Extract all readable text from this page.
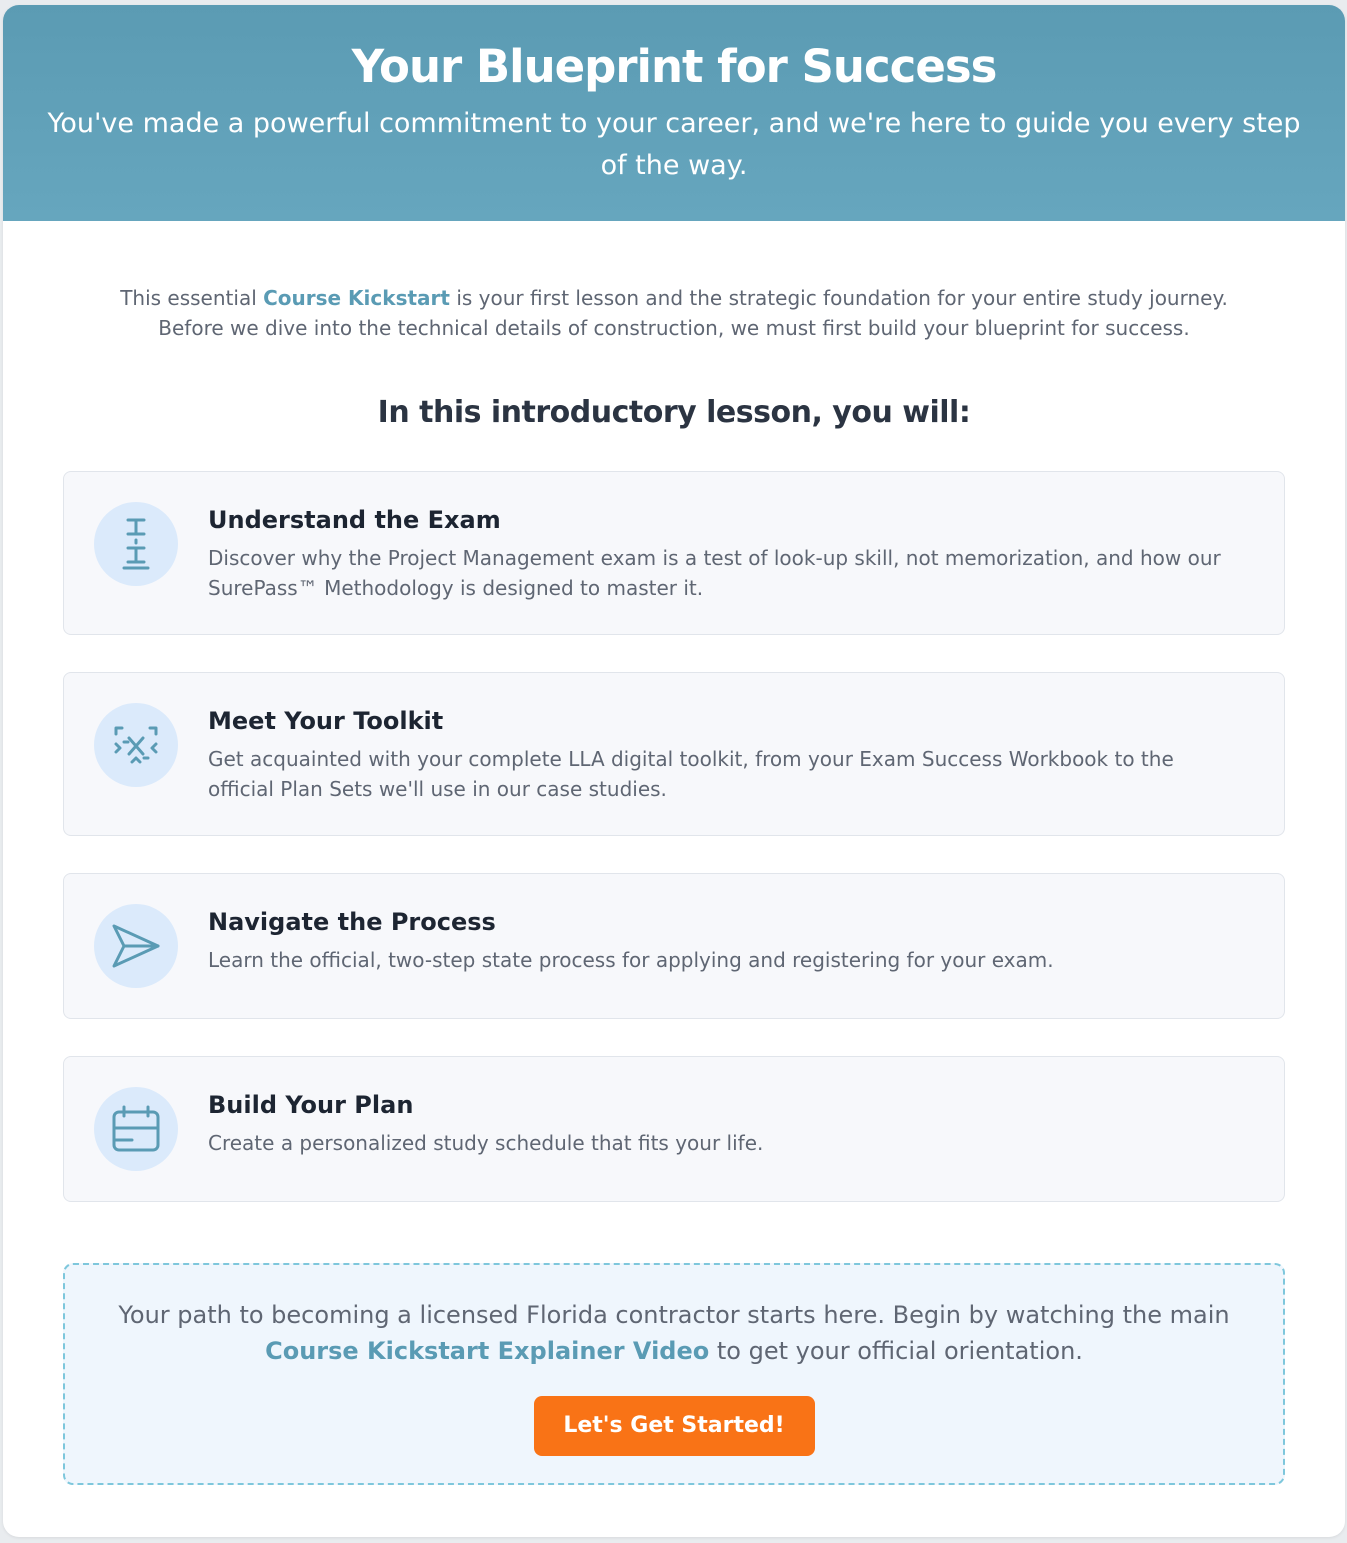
Your Blueprint for Success

You've made a powerful commitment to your career, and we're here to guide you every step of the way.

This essential Course Kickstart is your first lesson and the strategic foundation for your entire study journey. Before we dive into the technical details of construction, we must first build your blueprint for success.

In this introductory lesson, you will:
Understand the Exam

Discover why the Project Management exam is a test of look-up skill, not memorization, and how our SurePass™ Methodology is designed to master it.

Meet Your Toolkit

Get acquainted with your complete LLA digital toolkit, from your Exam Success Workbook to the official Plan Sets we'll use in our case studies.

Navigate the Process

Learn the official, two-step state process for applying and registering for your exam.

Build Your Plan

Create a personalized study schedule that fits your life.

Your path to becoming a licensed Florida contractor starts here. Begin by watching the main Course Kickstart Explainer Video to get your official orientation.

Let's Get Started!
